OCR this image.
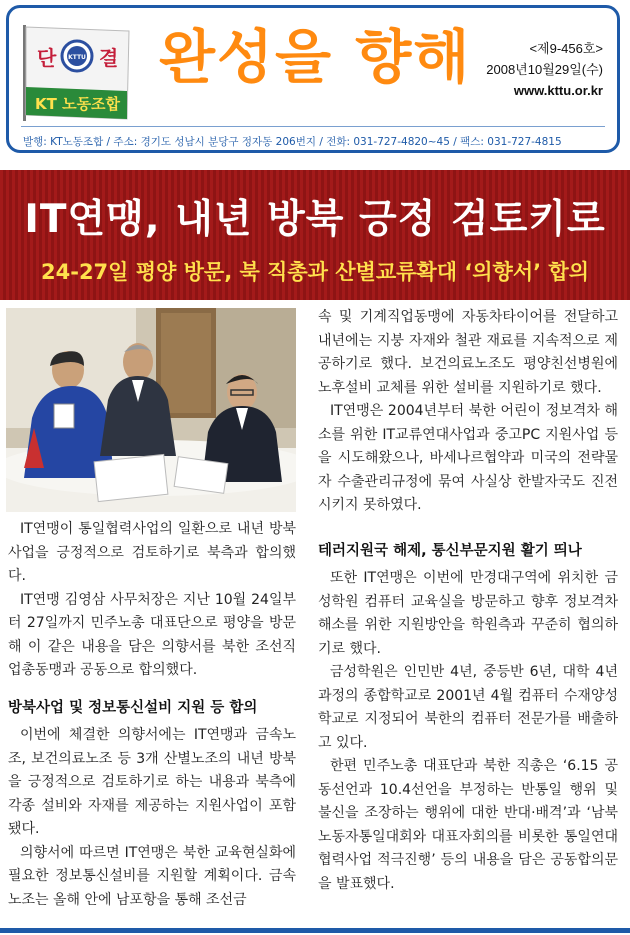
단 결
KTTU
KT 노동조합
완성을 향해	<제9-456호>
2008년10월29일(수)
www.kttu.or.kr
발행: KT노동조합 / 주소: 경기도 성남시 분당구 정자동 206번지 / 전화: 031-727-4820~45 / 팩스: 031-727-4815
IT연맹, 내년 방북 긍정 검토키로
24-27일 평양 방문, 북 직총과 산별교류확대 ‘의향서’ 합의

IT연맹이 통일협력사업의 일환으로 내년 방북사업을 긍정적으로 검토하기로 북측과 합의했다.

IT연맹 김영삼 사무처장은 지난 10월 24일부터 27일까지 민주노총 대표단으로 평양을 방문해 이 같은 내용을 담은 의향서를 북한 조선직업총동맹과 공동으로 합의했다.

방북사업 및 정보통신설비 지원 등 합의

이번에 체결한 의향서에는 IT연맹과 금속노조, 보건의료노조 등 3개 산별노조의 내년 방북을 긍정적으로 검토하기로 하는 내용과 북측에 각종 설비와 자재를 제공하는 지원사업이 포함됐다.

의향서에 따르면 IT연맹은 북한 교육현실화에 필요한 정보통신설비를 지원할 계획이다. 금속노조는 올해 안에 남포항을 통해 조선금

속 및 기계직업동맹에 자동차타이어를 전달하고 내년에는 지붕 자재와 철관 재료를 지속적으로 제공하기로 했다. 보건의료노조도 평양친선병원에 노후설비 교체를 위한 설비를 지원하기로 했다.

IT연맹은 2004년부터 북한 어린이 정보격차 해소를 위한 IT교류연대사업과 중고PC 지원사업 등을 시도해왔으나, 바세나르협약과 미국의 전략물자 수출관리규정에 묶여 사실상 한발자국도 진전시키지 못하였다.

테러지원국 해제, 통신부문지원 활기 띄나

또한 IT연맹은 이번에 만경대구역에 위치한 금성학원 컴퓨터 교육실을 방문하고 향후 정보격차 해소를 위한 지원방안을 학원측과 꾸준히 협의하기로 했다.

금성학원은 인민반 4년, 중등반 6년, 대학 4년 과정의 종합학교로 2001년 4월 컴퓨터 수재양성학교로 지정되어 북한의 컴퓨터 전문가를 배출하고 있다.

한편 민주노총 대표단과 북한 직총은 ‘6.15 공동선언과 10.4선언을 부정하는 반통일 행위 및 불신을 조장하는 행위에 대한 반대·배격’과 ‘남북노동자통일대회와 대표자회의를 비롯한 통일연대협력사업 적극진행’ 등의 내용을 담은 공동합의문을 발표했다.
